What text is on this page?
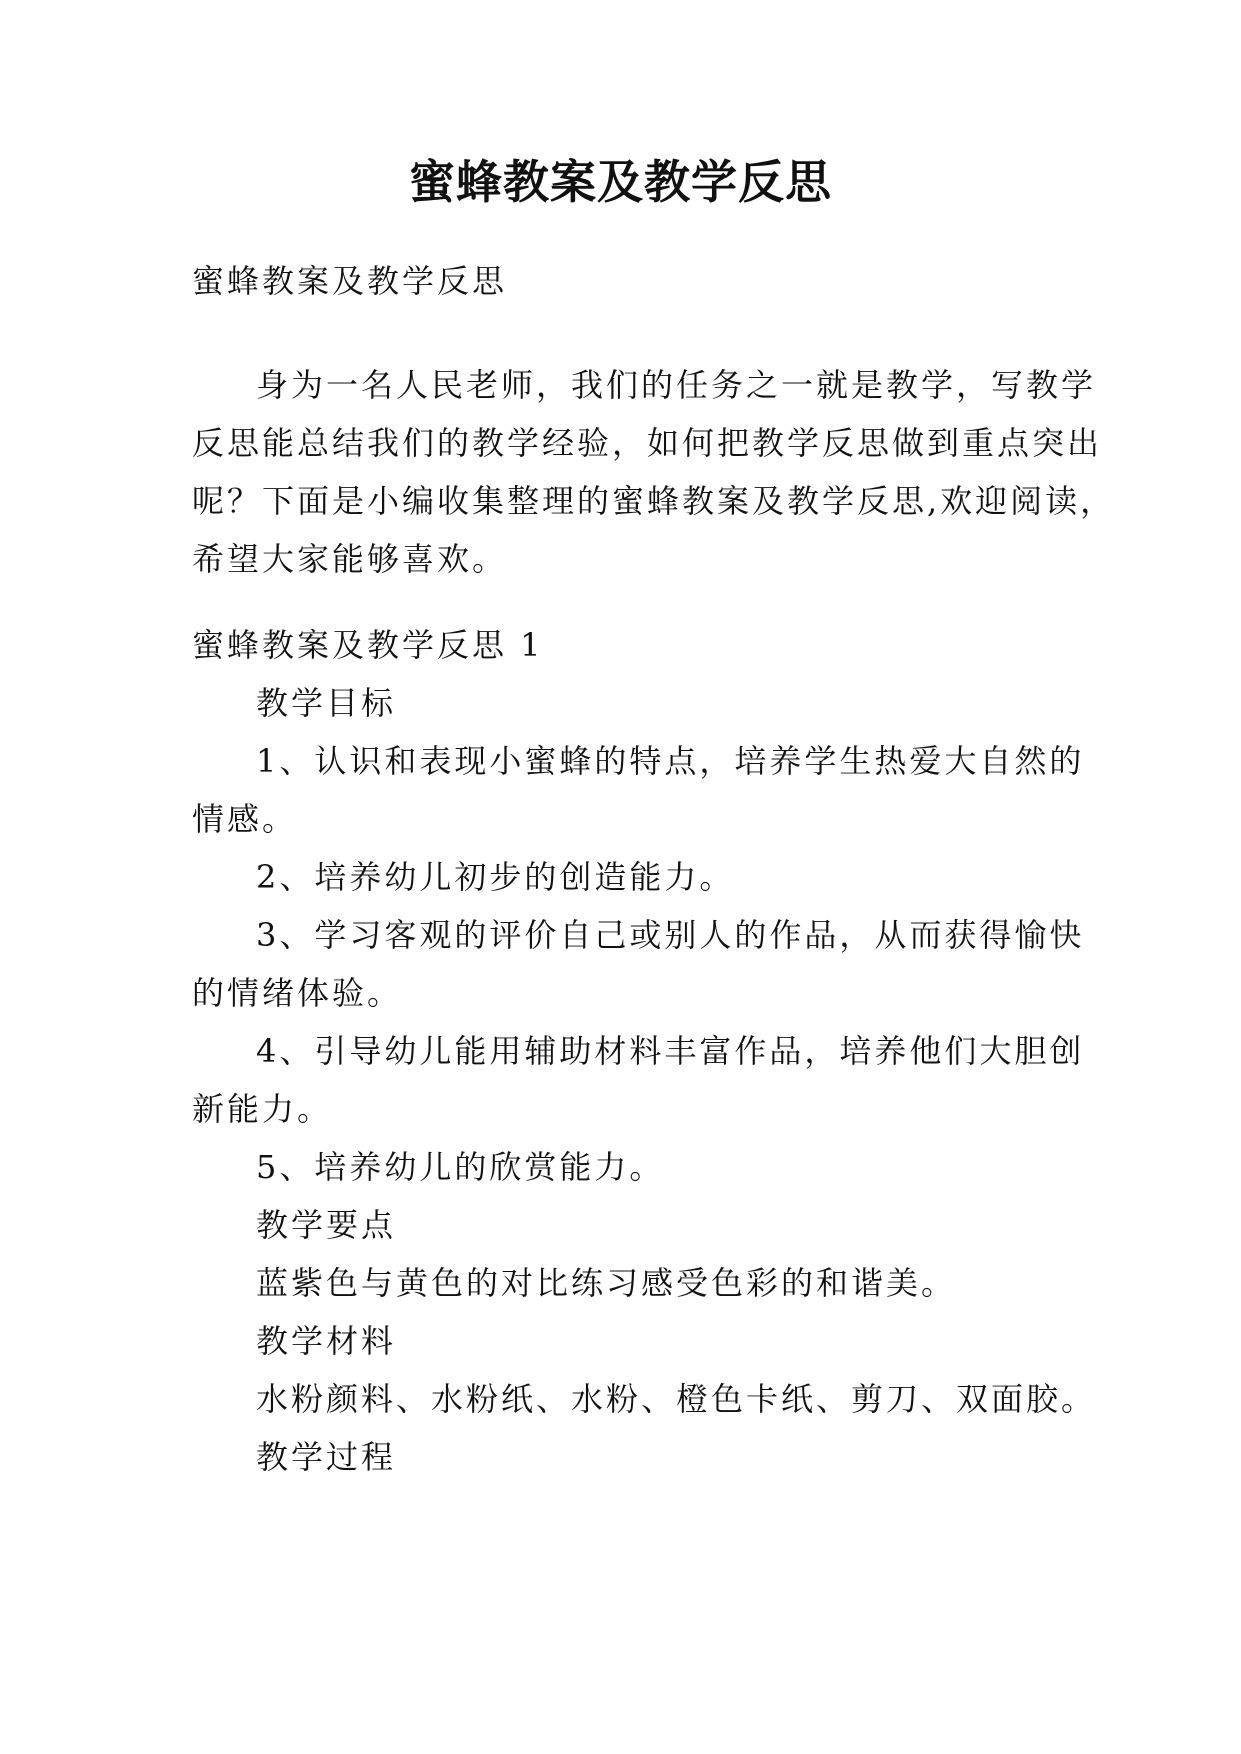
蜜蜂教案及教学反思
蜜蜂教案及教学反思
身为一名人民老师，我们的任务之一就是教学，写教学
反思能总结我们的教学经验，如何把教学反思做到重点突出
呢？下面是小编收集整理的蜜蜂教案及教学反思,欢迎阅读，
希望大家能够喜欢。
蜜蜂教案及教学反思 1
教学目标
1、认识和表现小蜜蜂的特点，培养学生热爱大自然的
情感。
2、培养幼儿初步的创造能力。
3、学习客观的评价自己或别人的作品，从而获得愉快
的情绪体验。
4、引导幼儿能用辅助材料丰富作品，培养他们大胆创
新能力。
5、培养幼儿的欣赏能力。
教学要点
蓝紫色与黄色的对比练习感受色彩的和谐美。
教学材料
水粉颜料、水粉纸、水粉、橙色卡纸、剪刀、双面胶。
教学过程
